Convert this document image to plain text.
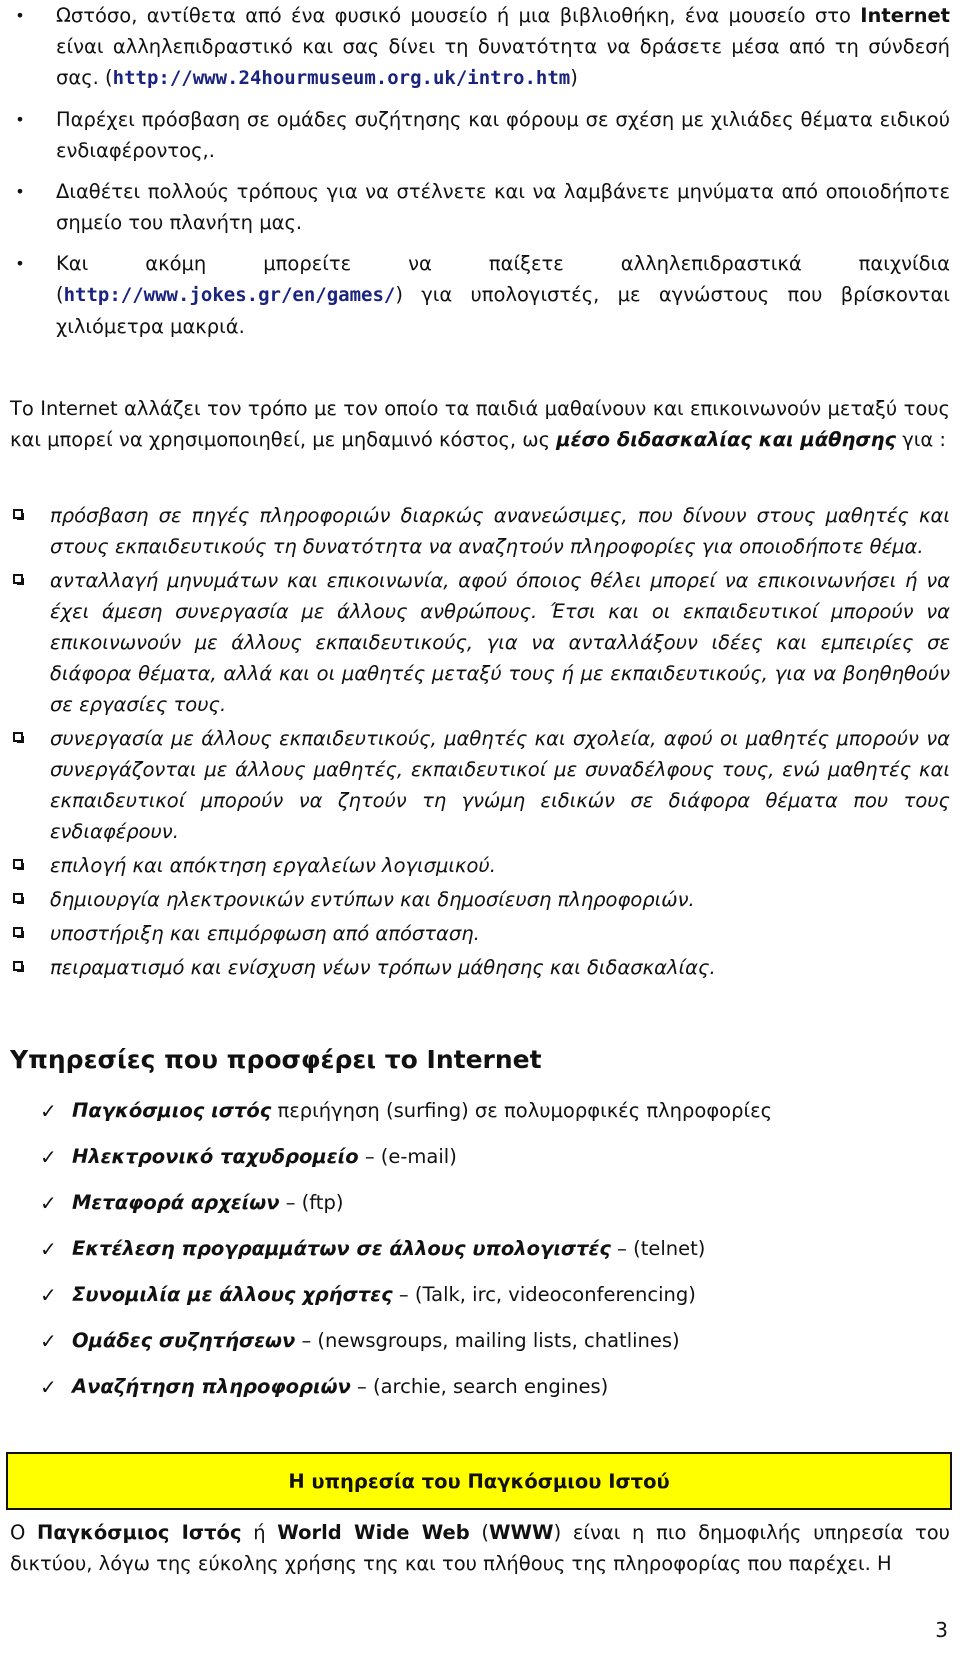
• Ωστόσο, αντίθετα από ένα φυσικό μουσείο ή μια βιβλιοθήκη, ένα μουσείο στο Internet είναι αλληλεπιδραστικό και σας δίνει τη δυνατότητα να δράσετε μέσα από τη σύνδεσή σας. (http://www.24hourmuseum.org.uk/intro.htm)
• Παρέχει πρόσβαση σε ομάδες συζήτησης και φόρουμ σε σχέση με χιλιάδες θέματα ειδικού ενδιαφέροντος,.
• Διαθέτει πολλούς τρόπους για να στέλνετε και να λαμβάνετε μηνύματα από οποιοδήποτε σημείο του πλανήτη μας.
• Και ακόμη μπορείτε να παίξετε αλληλεπιδραστικά παιχνίδια (http://www.jokes.gr/en/games/) για υπολογιστές, με αγνώστους που βρίσκονται χιλιόμετρα μακριά.
Το Internet αλλάζει τον τρόπο με τον οποίο τα παιδιά μαθαίνουν και επικοινωνούν μεταξύ τους και μπορεί να χρησιμοποιηθεί, με μηδαμινό κόστος, ως μέσο διδασκαλίας και μάθησης για :
πρόσβαση σε πηγές πληροφοριών διαρκώς ανανεώσιμες, που δίνουν στους μαθητές και στους εκπαιδευτικούς τη δυνατότητα να αναζητούν πληροφορίες για οποιοδήποτε θέμα.
ανταλλαγή μηνυμάτων και επικοινωνία, αφού όποιος θέλει μπορεί να επικοινωνήσει ή να έχει άμεση συνεργασία με άλλους ανθρώπους. Έτσι και οι εκπαιδευτικοί μπορούν να επικοινωνούν με άλλους εκπαιδευτικούς, για να ανταλλάξουν ιδέες και εμπειρίες σε διάφορα θέματα, αλλά και οι μαθητές μεταξύ τους ή με εκπαιδευτικούς, για να βοηθηθούν σε εργασίες τους.
συνεργασία με άλλους εκπαιδευτικούς, μαθητές και σχολεία, αφού οι μαθητές μπορούν να συνεργάζονται με άλλους μαθητές, εκπαιδευτικοί με συναδέλφους τους, ενώ μαθητές και εκπαιδευτικοί μπορούν να ζητούν τη γνώμη ειδικών σε διάφορα θέματα που τους ενδιαφέρουν.
επιλογή και απόκτηση εργαλείων λογισμικού.
δημιουργία ηλεκτρονικών εντύπων και δημοσίευση πληροφοριών.
υποστήριξη και επιμόρφωση από απόσταση.
πειραματισμό και ενίσχυση νέων τρόπων μάθησης και διδασκαλίας.
Υπηρεσίες που προσφέρει το Internet
✓ Παγκόσμιος ιστός περιήγηση (surfing) σε πολυμορφικές πληροφορίες
✓ Ηλεκτρονικό ταχυδρομείο – (e-mail)
✓ Μεταφορά αρχείων – (ftp)
✓ Εκτέλεση προγραμμάτων σε άλλους υπολογιστές – (telnet)
✓ Συνομιλία με άλλους χρήστες – (Talk, irc, videoconferencing)
✓ Ομάδες συζητήσεων – (newsgroups, mailing lists, chatlines)
✓ Αναζήτηση πληροφοριών – (archie, search engines)
Η υπηρεσία του Παγκόσμιου Ιστού
Ο Παγκόσμιος Ιστός ή World Wide Web (WWW) είναι η πιο δημοφιλής υπηρεσία του δικτύου, λόγω της εύκολης χρήσης της και του πλήθους της πληροφορίας που παρέχει. Η
3
